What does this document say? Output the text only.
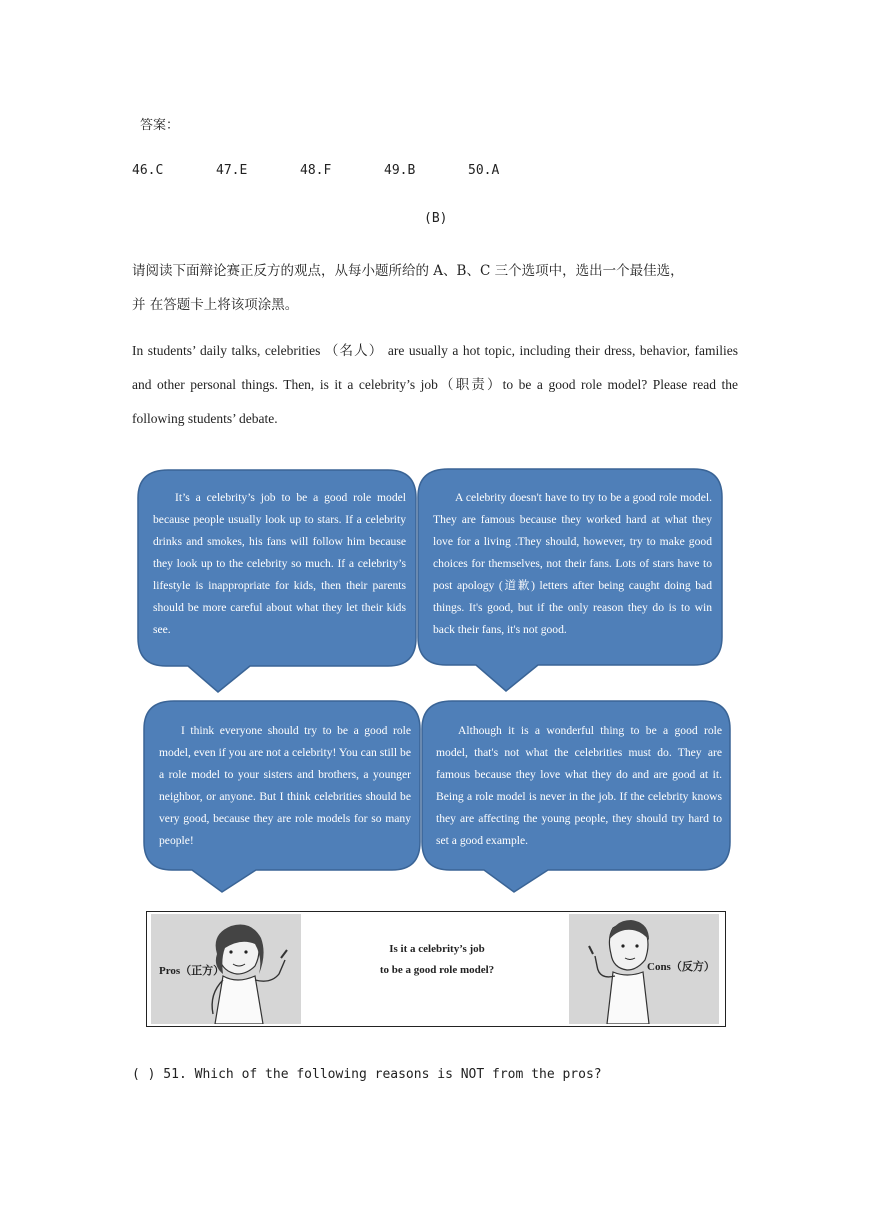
答案：
46.C	47.E	48.F	49.B	50.A
(B)
请阅读下面辩论赛正反方的观点，从每小题所给的 A、B、C 三个选项中，选出一个最佳选，
并 在答题卡上将该项涂黑。
In students’ daily talks, celebrities （名人） are usually a hot topic, including their dress, behavior, families and other personal things. Then, is it a celebrity’s job（职责）to be a good role model? Please read the following students’ debate.
It’s a celebrity’s job to be a good role model because people usually look up to stars. If a celebrity drinks and smokes, his fans will follow him because they look up to the celebrity so much. If a celebrity’s lifestyle is inappropriate for kids, then their parents should be more careful about what they let their kids see.
A celebrity doesn't have to try to be a good role model. They are famous because they worked hard at what they love for a living .They should, however, try to make good choices for themselves, not their fans. Lots of stars have to post apology (道歉) letters after being caught doing bad things. It's good, but if the only reason they do is to win back their fans, it's not good.
I think everyone should try to be a good role model, even if you are not a celebrity! You can still be a role model to your sisters and brothers, a younger neighbor, or anyone. But I think celebrities should be very good, because they are role models for so many people!
Although it is a wonderful thing to be a good role model, that's not what the celebrities must do. They are famous because they love what they do and are good at it. Being a role model is never in the job. If the celebrity knows they are affecting the young people, they should try hard to set a good example.
Pros（正方）
Is it a celebrity’s job
to be a good role model?	Cons（反方）
( ) 51. Which of the following reasons is NOT from the pros?
